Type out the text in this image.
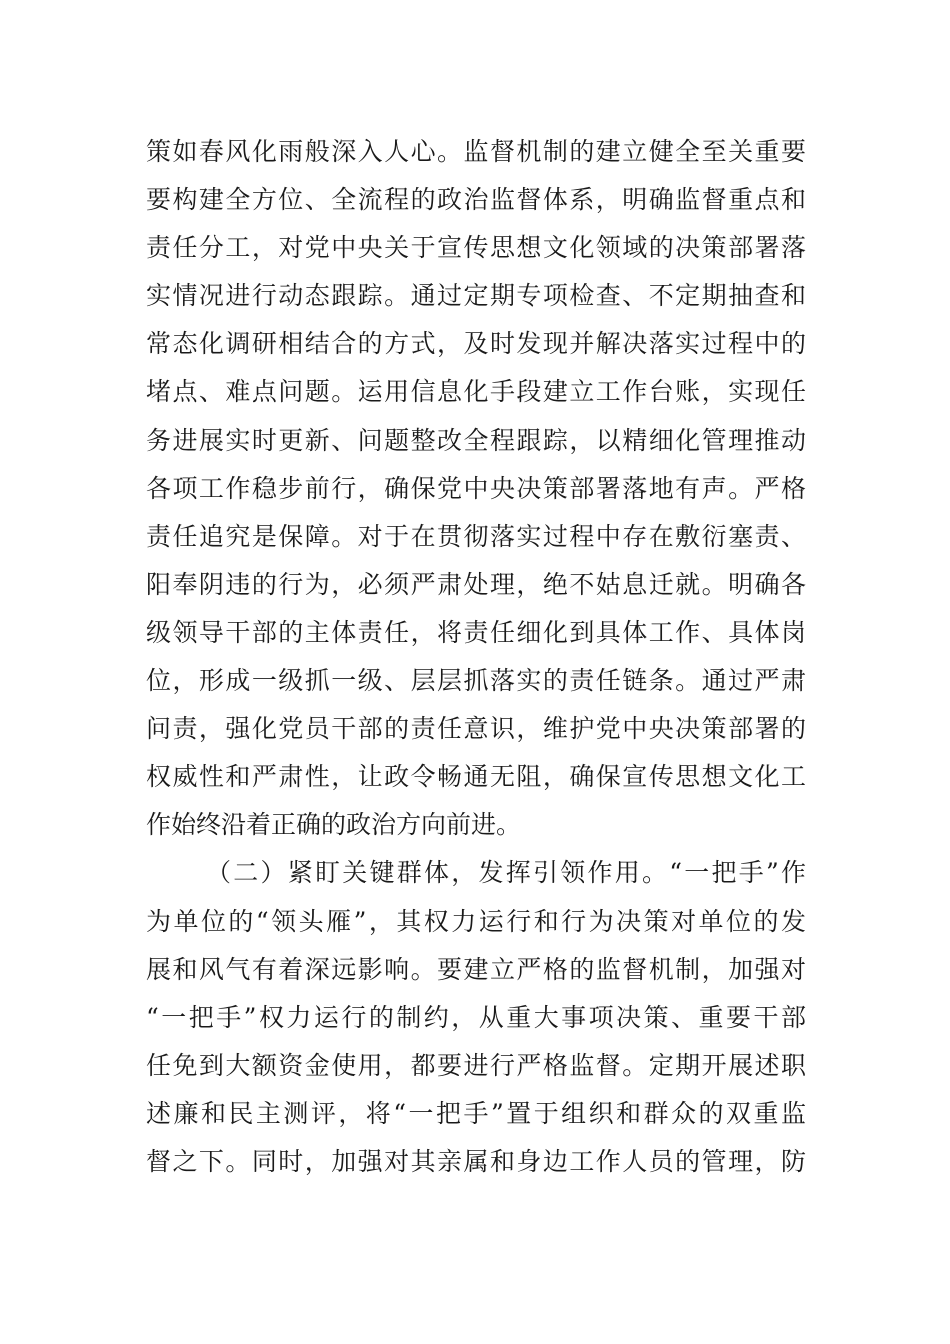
策如春风化雨般深入人心。监督机制的建立健全至关重要
要构建全方位、全流程的政治监督体系，明确监督重点和
责任分工，对党中央关于宣传思想文化领域的决策部署落
实情况进行动态跟踪。通过定期专项检查、不定期抽查和
常态化调研相结合的方式，及时发现并解决落实过程中的
堵点、难点问题。运用信息化手段建立工作台账，实现任
务进展实时更新、问题整改全程跟踪，以精细化管理推动
各项工作稳步前行，确保党中央决策部署落地有声。严格
责任追究是保障。对于在贯彻落实过程中存在敷衍塞责、
阳奉阴违的行为，必须严肃处理，绝不姑息迁就。明确各
级领导干部的主体责任，将责任细化到具体工作、具体岗
位，形成一级抓一级、层层抓落实的责任链条。通过严肃
问责，强化党员干部的责任意识，维护党中央决策部署的
权威性和严肃性，让政令畅通无阻，确保宣传思想文化工
作始终沿着正确的政治方向前进。
（二）紧盯关键群体，发挥引领作用。“一把手”作
为单位的“领头雁”，其权力运行和行为决策对单位的发
展和风气有着深远影响。要建立严格的监督机制，加强对
“一把手”权力运行的制约，从重大事项决策、重要干部
任免到大额资金使用，都要进行严格监督。定期开展述职
述廉和民主测评，将“一把手”置于组织和群众的双重监
督之下。同时，加强对其亲属和身边工作人员的管理，防
